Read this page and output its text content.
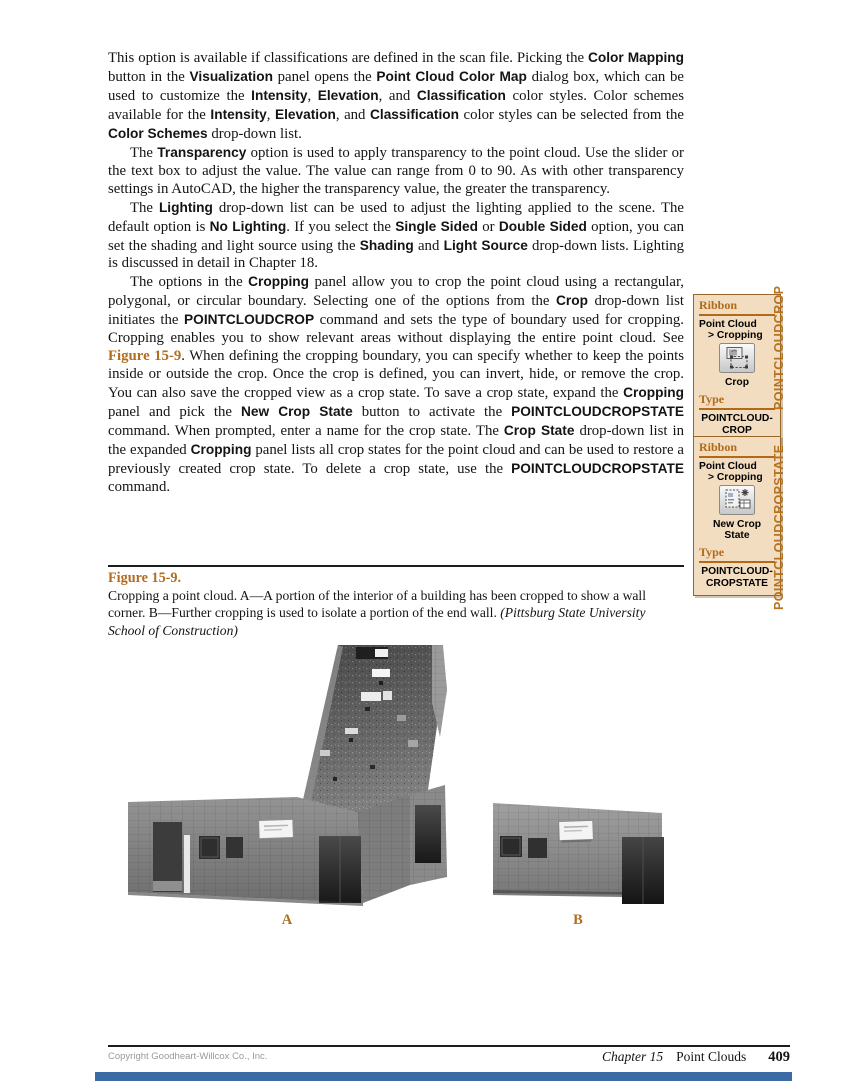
This option is available if classifications are defined in the scan file. Picking the Color Mapping button in the Visualization panel opens the Point Cloud Color Map dialog box, which can be used to customize the Intensity, Elevation, and Classification color styles. Color schemes available for the Intensity, Elevation, and Classification color styles can be selected from the Color Schemes drop-down list.

The Transparency option is used to apply transparency to the point cloud. Use the slider or the text box to adjust the value. The value can range from 0 to 90. As with other transparency settings in AutoCAD, the higher the transparency value, the greater the transparency.

The Lighting drop-down list can be used to adjust the lighting applied to the scene. The default option is No Lighting. If you select the Single Sided or Double Sided option, you can set the shading and light source using the Shading and Light Source drop-down lists. Lighting is discussed in detail in Chapter 18.

The options in the Cropping panel allow you to crop the point cloud using a rectangular, polygonal, or circular boundary. Selecting one of the options from the Crop drop-down list initiates the POINTCLOUDCROP command and sets the type of boundary used for cropping. Cropping enables you to show relevant areas without displaying the entire point cloud. See Figure 15-9. When defining the cropping boundary, you can specify whether to keep the points inside or outside the crop. Once the crop is defined, you can invert, hide, or remove the crop. You can also save the cropped view as a crop state. To save a crop state, expand the Cropping panel and pick the New Crop State button to activate the POINTCLOUDCROPSTATE command. When prompted, enter a name for the crop state. The Crop State drop-down list in the expanded Cropping panel lists all crop states for the point cloud and can be used to restore a previously created crop state. To delete a crop state, use the POINTCLOUDCROPSTATE command.

Ribbon
Point Cloud
> Cropping
Crop
Type
POINTCLOUD-
CROP
Ribbon
Point Cloud
> Cropping
New Crop State
Type
POINTCLOUD-
CROPSTATE
POINTCLOUDCROP
POINTCLOUDCROPSTATE
Figure 15-9.
Cropping a point cloud. A—A portion of the interior of a building has been cropped to show a wall corner. B—Further cropping is used to isolate a portion of the end wall. (Pittsburg State University School of Construction)
A	B
Copyright Goodheart-Willcox Co., Inc.	Chapter 15 Point Clouds 409
